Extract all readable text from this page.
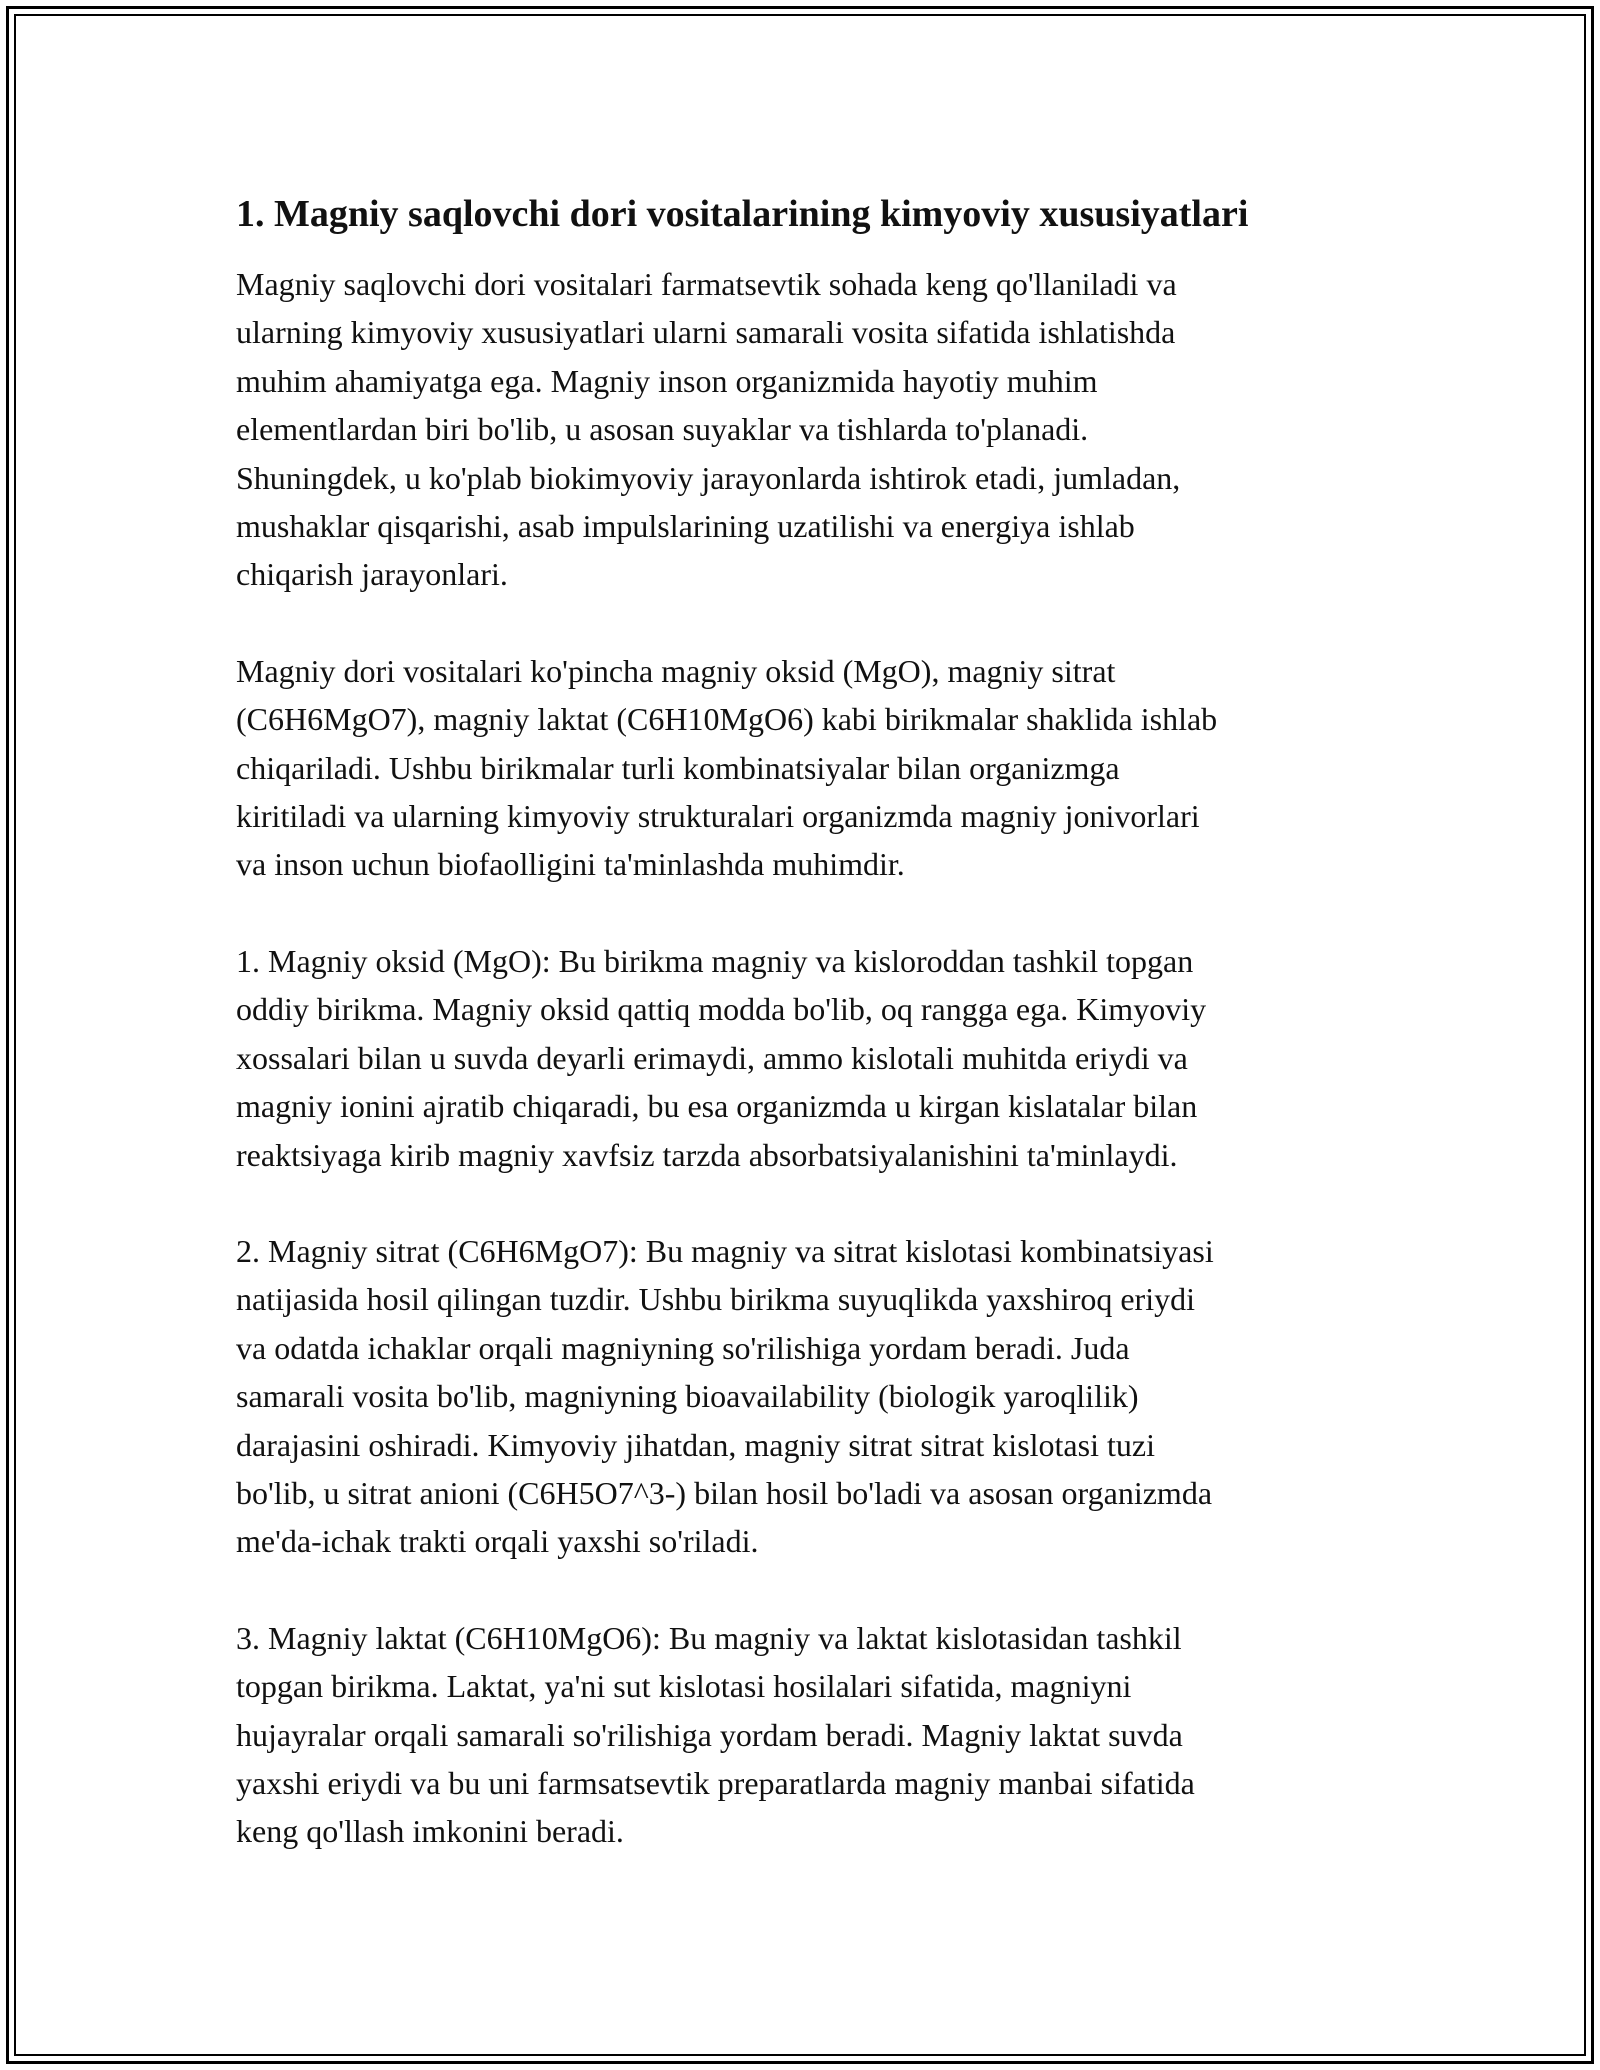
1. Magniy saqlovchi dori vositalarining kimyoviy xususiyatlari

Magniy saqlovchi dori vositalari farmatsevtik sohada keng qo'llaniladi va
ularning kimyoviy xususiyatlari ularni samarali vosita sifatida ishlatishda
muhim ahamiyatga ega. Magniy inson organizmida hayotiy muhim
elementlardan biri bo'lib, u asosan suyaklar va tishlarda to'planadi.
Shuningdek, u ko'plab biokimyoviy jarayonlarda ishtirok etadi, jumladan,
mushaklar qisqarishi, asab impulslarining uzatilishi va energiya ishlab
chiqarish jarayonlari.

Magniy dori vositalari ko'pincha magniy oksid (MgO), magniy sitrat
(C6H6MgO7), magniy laktat (C6H10MgO6) kabi birikmalar shaklida ishlab
chiqariladi. Ushbu birikmalar turli kombinatsiyalar bilan organizmga
kiritiladi va ularning kimyoviy strukturalari organizmda magniy jonivorlari
va inson uchun biofaolligini ta'minlashda muhimdir.

1. Magniy oksid (MgO): Bu birikma magniy va kisloroddan tashkil topgan
oddiy birikma. Magniy oksid qattiq modda bo'lib, oq rangga ega. Kimyoviy
xossalari bilan u suvda deyarli erimaydi, ammo kislotali muhitda eriydi va
magniy ionini ajratib chiqaradi, bu esa organizmda u kirgan kislatalar bilan
reaktsiyaga kirib magniy xavfsiz tarzda absorbatsiyalanishini ta'minlaydi.

2. Magniy sitrat (C6H6MgO7): Bu magniy va sitrat kislotasi kombinatsiyasi
natijasida hosil qilingan tuzdir. Ushbu birikma suyuqlikda yaxshiroq eriydi
va odatda ichaklar orqali magniyning so'rilishiga yordam beradi. Juda
samarali vosita bo'lib, magniyning bioavailability (biologik yaroqlilik)
darajasini oshiradi. Kimyoviy jihatdan, magniy sitrat sitrat kislotasi tuzi
bo'lib, u sitrat anioni (C6H5O7^3-) bilan hosil bo'ladi va asosan organizmda
me'da-ichak trakti orqali yaxshi so'riladi.

3. Magniy laktat (C6H10MgO6): Bu magniy va laktat kislotasidan tashkil
topgan birikma. Laktat, ya'ni sut kislotasi hosilalari sifatida, magniyni
hujayralar orqali samarali so'rilishiga yordam beradi. Magniy laktat suvda
yaxshi eriydi va bu uni farmsatsevtik preparatlarda magniy manbai sifatida
keng qo'llash imkonini beradi.
